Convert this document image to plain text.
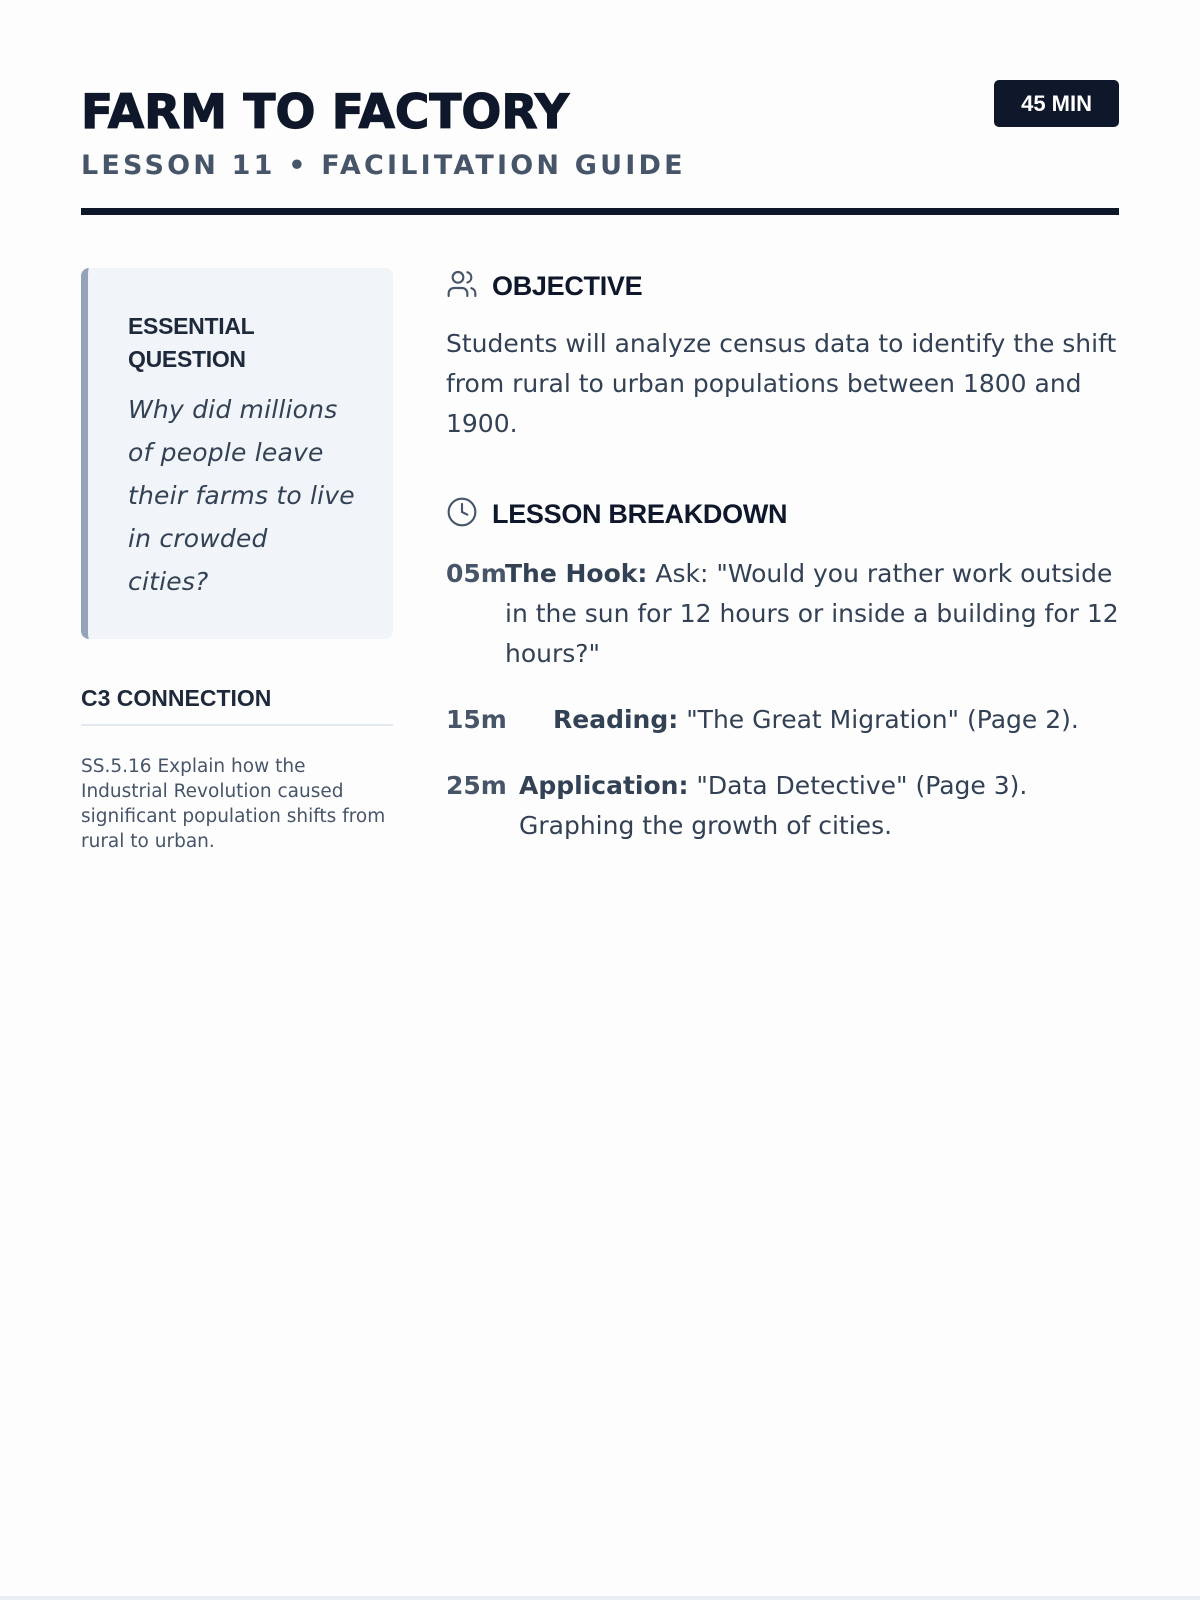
FARM TO FACTORY
LESSON 11 • FACILITATION GUIDE
45 MIN
ESSENTIAL
QUESTION
Why did millions of people leave their farms to live in crowded cities?
C3 CONNECTION
SS.5.16 Explain how the Industrial Revolution caused significant population shifts from rural to urban.
OBJECTIVE
Students will analyze census data to identify the shift from rural to urban populations between 1800 and 1900.
LESSON BREAKDOWN
05m
The Hook: Ask: "Would you rather work outside in the sun for 12 hours or inside a building for 12 hours?"
15m	Reading: "The Great Migration" (Page 2).
25m Application: "Data Detective" (Page 3). Graphing the growth of cities.
